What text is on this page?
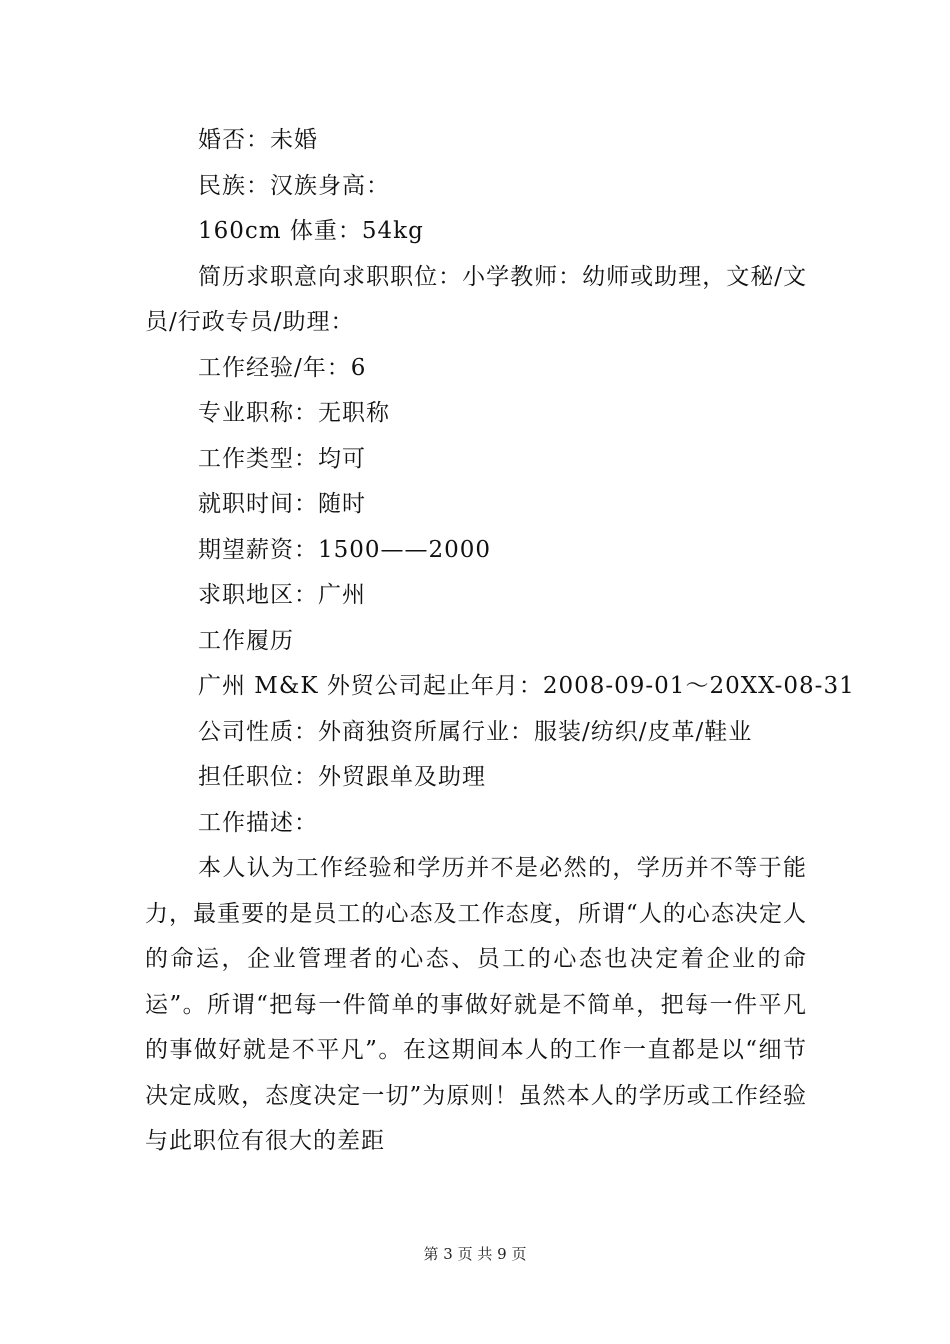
婚否：未婚
民族：汉族身高：
160cm 体重：54kg

简历求职意向求职职位：小学教师：幼师或助理，文秘/文员/行政专员/助理：

工作经验/年：6
专业职称：无职称
工作类型：均可
就职时间：随时
期望薪资：1500——2000
求职地区：广州
工作履历
广州 M&K 外贸公司起止年月：2008-09-01～20XX-08-31
公司性质：外商独资所属行业：服装/纺织/皮革/鞋业
担任职位：外贸跟单及助理
工作描述：

本人认为工作经验和学历并不是必然的，学历并不等于能力，最重要的是员工的心态及工作态度，所谓“人的心态决定人的命运，企业管理者的心态、员工的心态也决定着企业的命运”。所谓“把每一件简单的事做好就是不简单，把每一件平凡的事做好就是不平凡”。在这期间本人的工作一直都是以“细节决定成败，态度决定一切”为原则！虽然本人的学历或工作经验与此职位有很大的差距

第 3 页 共 9 页
